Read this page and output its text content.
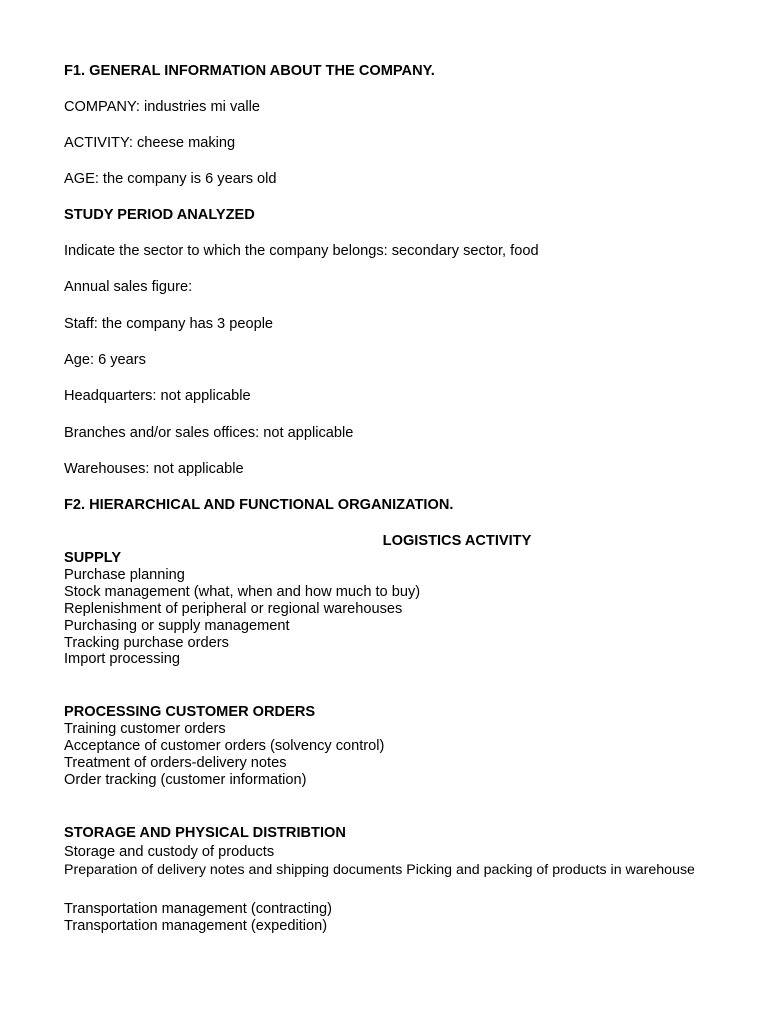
F1. GENERAL INFORMATION ABOUT THE COMPANY.
COMPANY: industries mi valle
ACTIVITY: cheese making
AGE: the company is 6 years old
STUDY PERIOD ANALYZED
Indicate the sector to which the company belongs: secondary sector, food
Annual sales figure:
Staff: the company has 3 people
Age: 6 years
Headquarters: not applicable
Branches and/or sales offices: not applicable
Warehouses: not applicable
F2. HIERARCHICAL AND FUNCTIONAL ORGANIZATION.
LOGISTICS ACTIVITY
SUPPLY
Purchase planning
Stock management (what, when and how much to buy)
Replenishment of peripheral or regional warehouses
Purchasing or supply management
Tracking purchase orders
Import processing
PROCESSING CUSTOMER ORDERS
Training customer orders
Acceptance of customer orders (solvency control)
Treatment of orders-delivery notes
Order tracking (customer information)
STORAGE AND PHYSICAL DISTRIBTION
Storage and custody of products
Preparation of delivery notes and shipping documents Picking and packing of products in warehouse
Transportation management (contracting)
Transportation management (expedition)
